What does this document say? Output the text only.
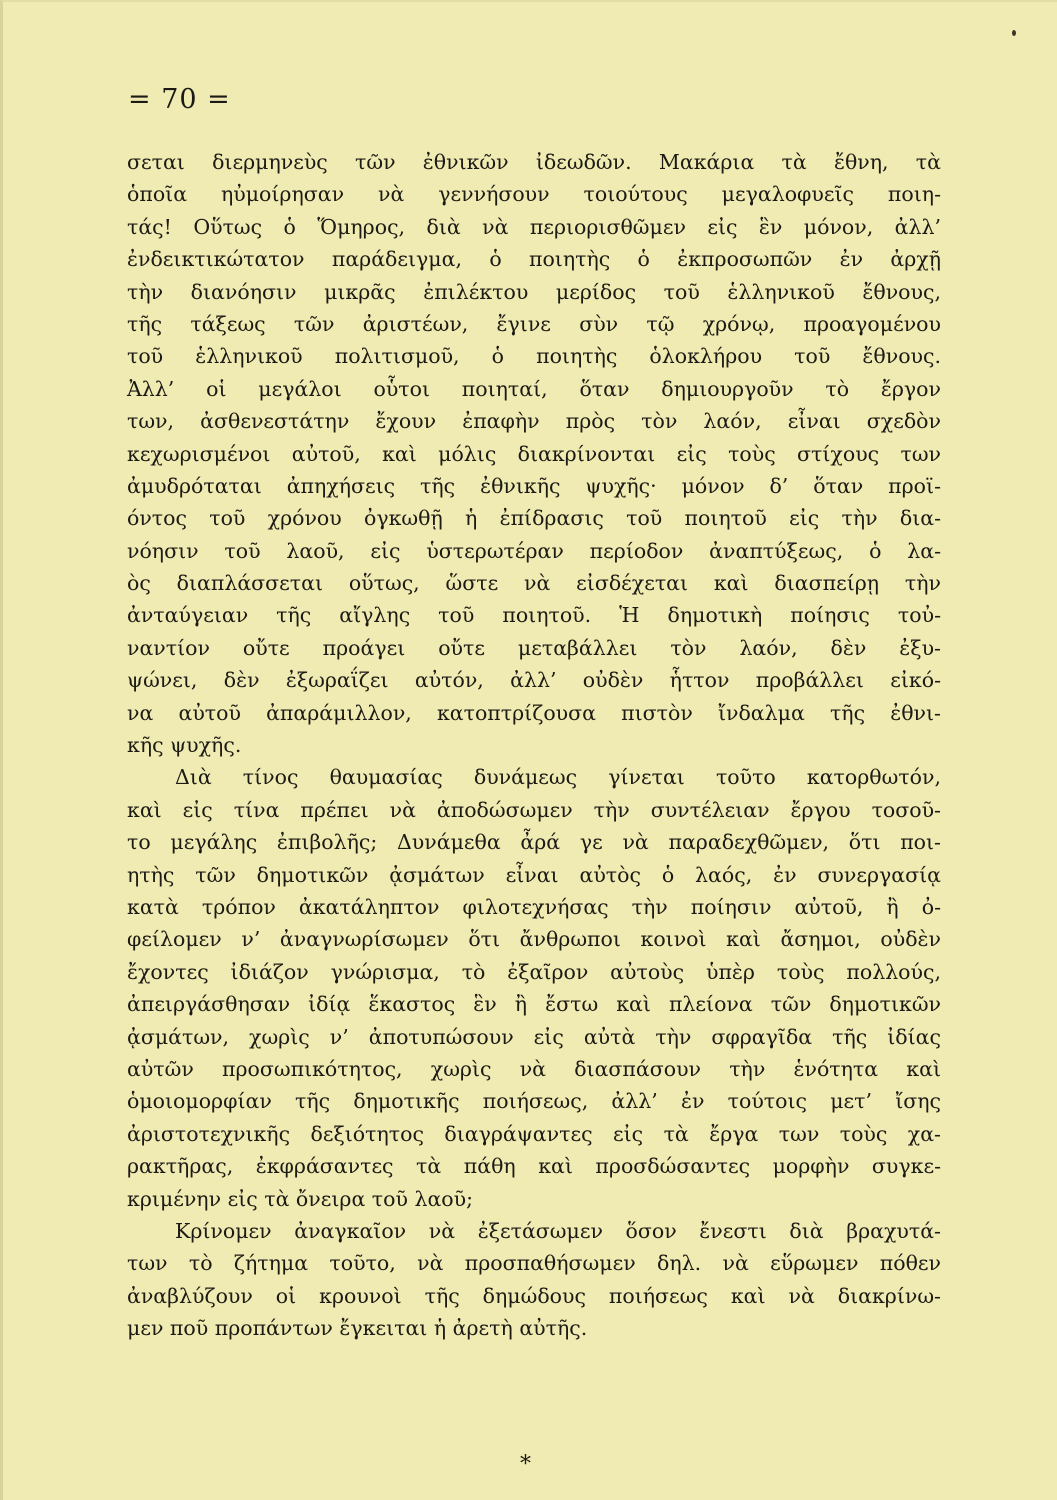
= 70 =
σεται διερμηνεὺς τῶν ἐθνικῶν ἰδεωδῶν. Μακάρια τὰ ἔθνη, τὰ
ὁποῖα ηὐμοίρησαν νὰ γεννήσουν τοιούτους μεγαλοφυεῖς ποιη-
τάς! Οὕτως ὁ Ὅμηρος, διὰ νὰ περιορισθῶμεν εἰς ἓν μόνον, ἀλλ’
ἐνδεικτικώτατον παράδειγμα, ὁ ποιητὴς ὁ ἐκπροσωπῶν ἐν ἀρχῇ
τὴν διανόησιν μικρᾶς ἐπιλέκτου μερίδος τοῦ ἑλληνικοῦ ἔθνους,
τῆς τάξεως τῶν ἀριστέων, ἔγινε σὺν τῷ χρόνῳ, προαγομένου
τοῦ ἑλληνικοῦ πολιτισμοῦ, ὁ ποιητὴς ὁλοκλήρου τοῦ ἔθνους.
Ἀλλ’ οἱ μεγάλοι οὗτοι ποιηταί, ὅταν δημιουργοῦν τὸ ἔργον
των, ἀσθενεστάτην ἔχουν ἐπαφὴν πρὸς τὸν λαόν, εἶναι σχεδὸν
κεχωρισμένοι αὐτοῦ, καὶ μόλις διακρίνονται εἰς τοὺς στίχους των
ἀμυδρόταται ἀπηχήσεις τῆς ἐθνικῆς ψυχῆς· μόνον δ’ ὅταν προϊ-
όντος τοῦ χρόνου ὀγκωθῇ ἡ ἐπίδρασις τοῦ ποιητοῦ εἰς τὴν δια-
νόησιν τοῦ λαοῦ, εἰς ὑστερωτέραν περίοδον ἀναπτύξεως, ὁ λα-
ὸς διαπλάσσεται οὕτως, ὥστε νὰ εἰσδέχεται καὶ διασπείρῃ τὴν
ἀνταύγειαν τῆς αἴγλης τοῦ ποιητοῦ. Ἡ δημοτικὴ ποίησις τοὐ-
ναντίον οὔτε προάγει οὔτε μεταβάλλει τὸν λαόν, δὲν ἐξυ-
ψώνει, δὲν ἐξωραΐζει αὐτόν, ἀλλ’ οὐδὲν ἧττον προβάλλει εἰκό-
να αὐτοῦ ἀπαράμιλλον, κατοπτρίζουσα πιστὸν ἴνδαλμα τῆς ἐθνι-
κῆς ψυχῆς.
Διὰ τίνος θαυμασίας δυνάμεως γίνεται τοῦτο κατορθωτόν,
καὶ εἰς τίνα πρέπει νὰ ἀποδώσωμεν τὴν συντέλειαν ἔργου τοσοῦ-
το μεγάλης ἐπιβολῆς; Δυνάμεθα ἆρά γε νὰ παραδεχθῶμεν, ὅτι ποι-
ητὴς τῶν δημοτικῶν ᾀσμάτων εἶναι αὐτὸς ὁ λαός, ἐν συνεργασίᾳ
κατὰ τρόπον ἀκατάληπτον φιλοτεχνήσας τὴν ποίησιν αὐτοῦ, ἢ ὀ-
φείλομεν ν’ ἀναγνωρίσωμεν ὅτι ἄνθρωποι κοινοὶ καὶ ἄσημοι, οὐδὲν
ἔχοντες ἰδιάζον γνώρισμα, τὸ ἐξαῖρον αὐτοὺς ὑπὲρ τοὺς πολλούς,
ἀπειργάσθησαν ἰδίᾳ ἕκαστος ἓν ἢ ἔστω καὶ πλείονα τῶν δημοτικῶν
ᾀσμάτων, χωρὶς ν’ ἀποτυπώσουν εἰς αὐτὰ τὴν σφραγῖδα τῆς ἰδίας
αὐτῶν προσωπικότητος, χωρὶς νὰ διασπάσουν τὴν ἑνότητα καὶ
ὁμοιομορφίαν τῆς δημοτικῆς ποιήσεως, ἀλλ’ ἐν τούτοις μετ’ ἴσης
ἀριστοτεχνικῆς δεξιότητος διαγράψαντες εἰς τὰ ἔργα των τοὺς χα-
ρακτῆρας, ἐκφράσαντες τὰ πάθη καὶ προσδώσαντες μορφὴν συγκε-
κριμένην εἰς τὰ ὄνειρα τοῦ λαοῦ;
Κρίνομεν ἀναγκαῖον νὰ ἐξετάσωμεν ὅσον ἔνεστι διὰ βραχυτά-
των τὸ ζήτημα τοῦτο, νὰ προσπαθήσωμεν δηλ. νὰ εὕρωμεν πόθεν
ἀναβλύζουν οἱ κρουνοὶ τῆς δημώδους ποιήσεως καὶ νὰ διακρίνω-
μεν ποῦ προπάντων ἔγκειται ἡ ἀρετὴ αὐτῆς.
*
